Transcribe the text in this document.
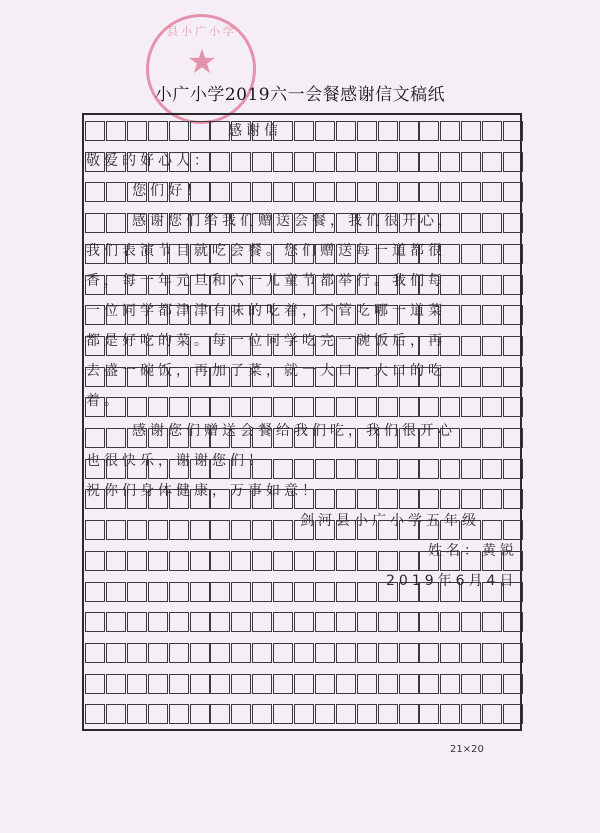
县小广小学
★
小广小学2019六一会餐感谢信文稿纸
感谢信
敬爱的好心人：
您们好！
感谢您们给我们赠送会餐，我们很开心，
我们表演节目就吃会餐。您们赠送每一道都很
香，每一年元旦和六一儿童节都举行。我们每
一位同学都津津有味的吃着，不管吃哪一道菜
都是好吃的菜。每一位同学吃完一碗饭后，再
去盛一碗饭，再加了菜，就一大口一大口的吃
着。
感谢您们赠送会餐给我们吃，我们很开心
也很快乐，谢谢您们！
祝你们身体健康，万事如意！
剑河县小广小学五年级
姓名：黄锐
2019年6月4日
21×20
